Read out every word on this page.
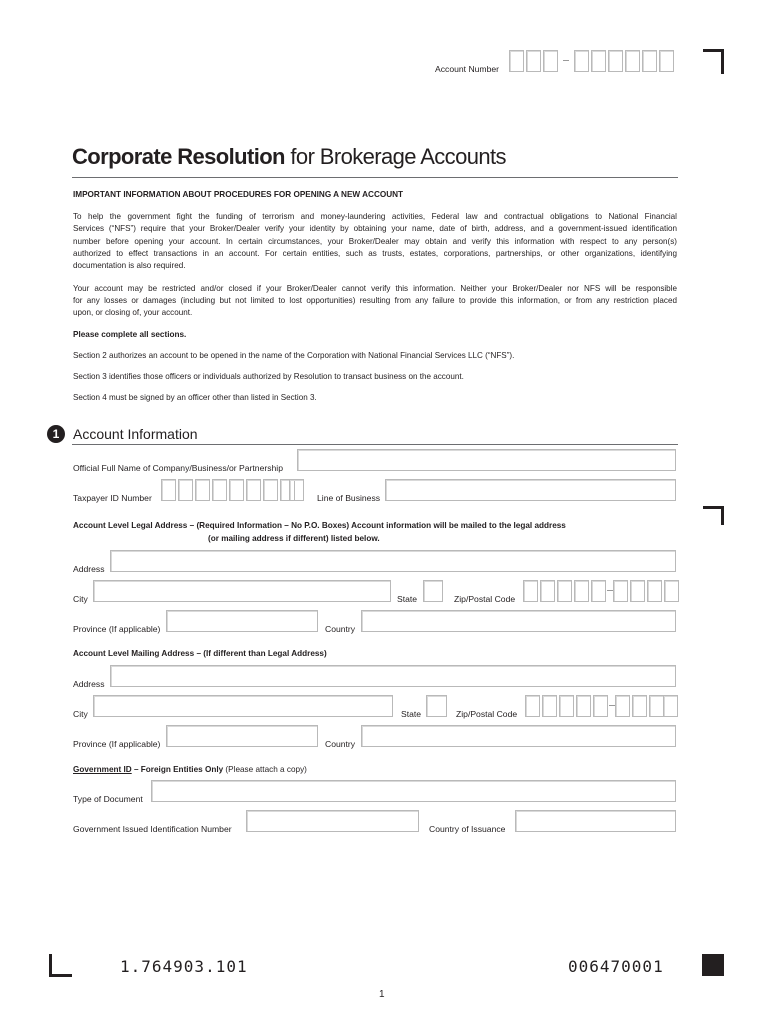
Account Number
Corporate Resolution for Brokerage Accounts
IMPORTANT INFORMATION ABOUT PROCEDURES FOR OPENING A NEW ACCOUNT
To help the government fight the funding of terrorism and money-laundering activities, Federal law and contractual obligations to National Financial
Services (“NFS”) require that your Broker/Dealer verify your identity by obtaining your name, date of birth, address, and a government-issued identification
number before opening your account. In certain circumstances, your Broker/Dealer may obtain and verify this information with respect to any person(s)
authorized to effect transactions in an account. For certain entities, such as trusts, estates, corporations, partnerships, or other organizations, identifying
documentation is also required.
Your account may be restricted and/or closed if your Broker/Dealer cannot verify this information. Neither your Broker/Dealer nor NFS will be responsible
for any losses or damages (including but not limited to lost opportunities) resulting from any failure to provide this information, or from any restriction placed
upon, or closing of, your account.
Please complete all sections.
Section 2 authorizes an account to be opened in the name of the Corporation with National Financial Services LLC (“NFS”).
Section 3 identifies those officers or individuals authorized by Resolution to transact business on the account.
Section 4 must be signed by an officer other than listed in Section 3.
1 Account Information
Official Full Name of Company/Business/or Partnership
Taxpayer ID Number	Line of Business
Account Level Legal Address – (Required Information – No P.O. Boxes) Account information will be mailed to the legal address
(or mailing address if different) listed below.
Address
City	State	Zip/Postal Code
Province (If applicable)	Country
Account Level Mailing Address – (If different than Legal Address)
Address
City	State	Zip/Postal Code
Province (If applicable)	Country
Government ID – Foreign Entities Only (Please attach a copy)
Type of Document
Government Issued Identification Number	Country of Issuance
1.764903.101	006470001
1
